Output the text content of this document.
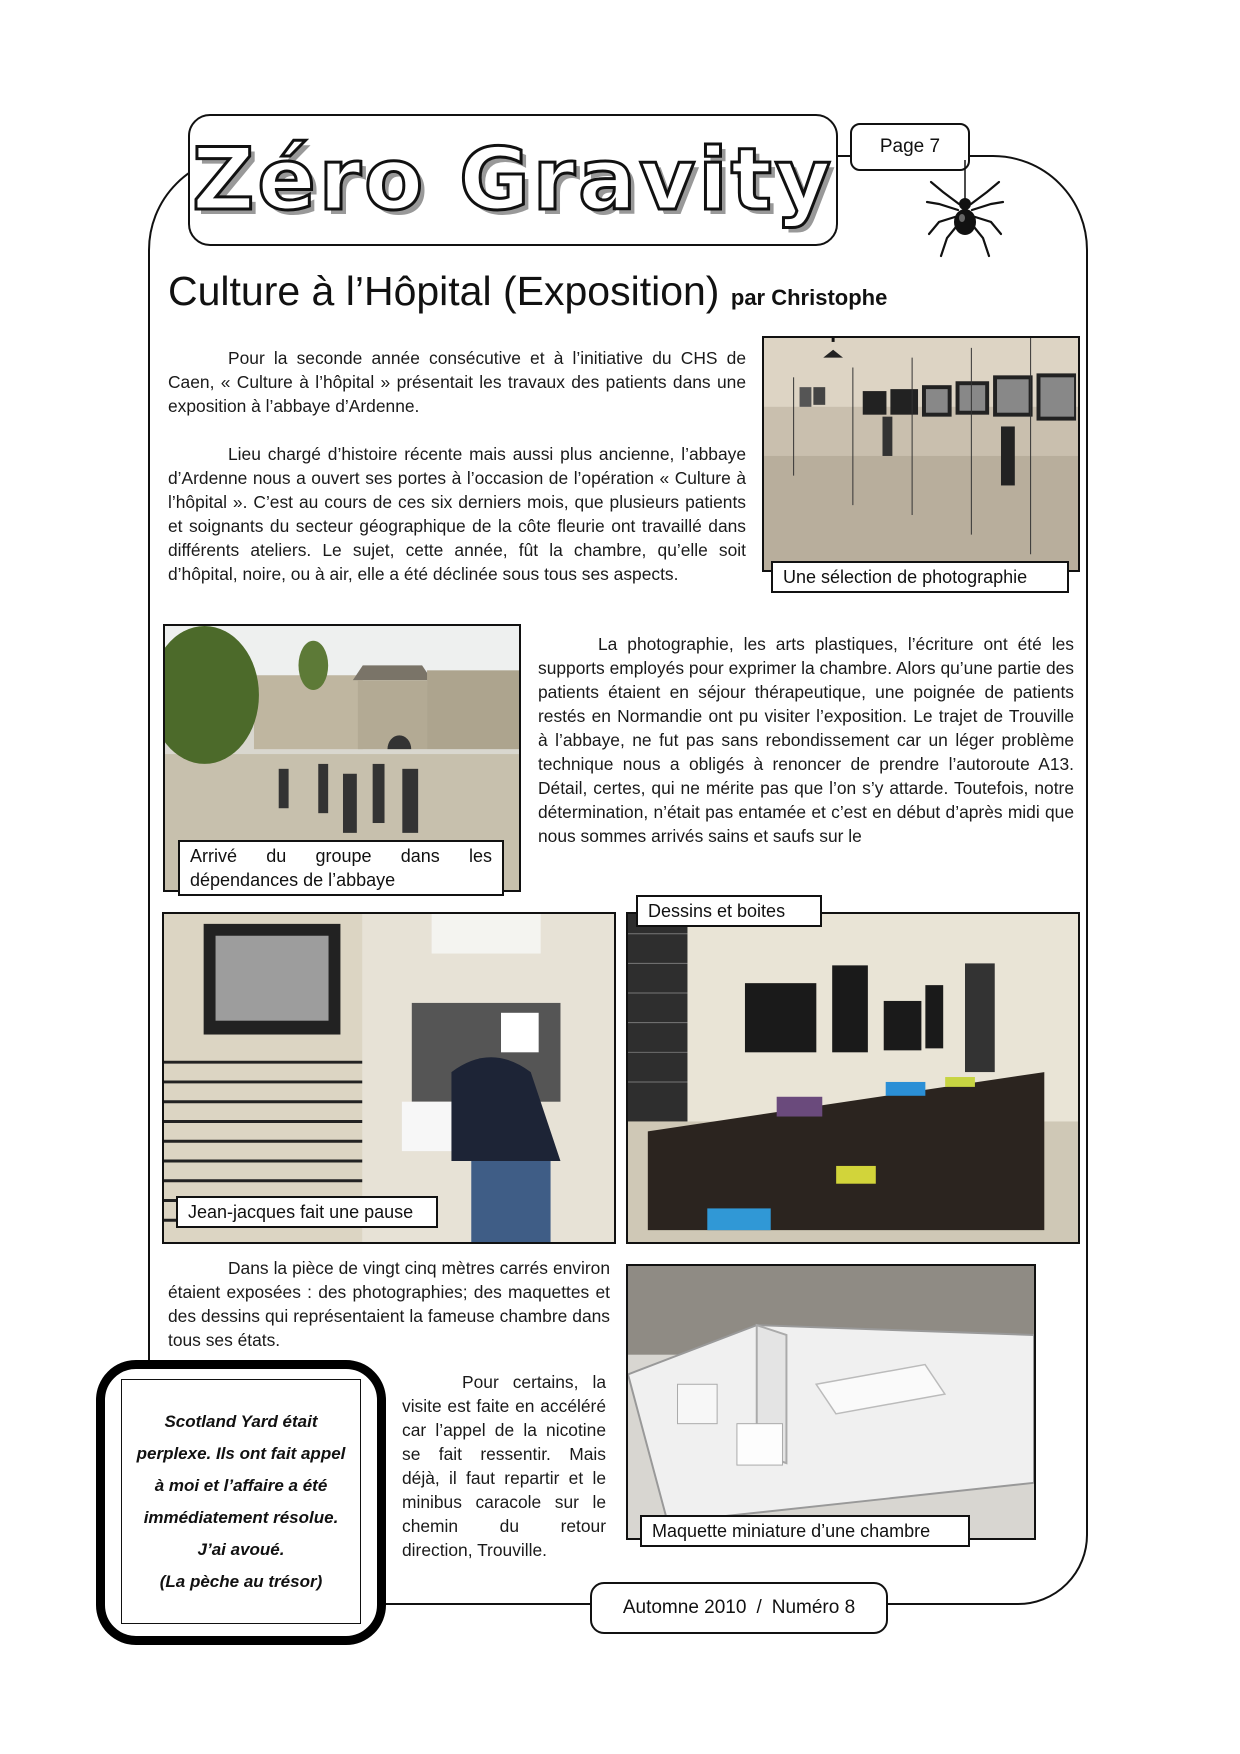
Zéro Gravity	Page 7
Culture à l’Hôpital (Exposition) par Christophe

Pour la seconde année consécutive et à l’initiative du CHS de Caen, « Culture à l’hôpital » présentait les travaux des patients dans une exposition à l’abbaye d’Ardenne.

Lieu chargé d’histoire récente mais aussi plus ancienne, l’abbaye d’Ardenne nous a ouvert ses portes à l’occasion de l’opération « Culture à l’hôpital ». C’est au cours de ces six derniers mois, que plusieurs patients et soignants du secteur géographique de la côte fleurie ont travaillé dans différents ateliers. Le sujet, cette année, fût la chambre, qu’elle soit d’hôpital, noire, ou à air, elle a été déclinée sous tous ses aspects.	Une sélection de photographie
Arrivé du groupe dans les dépendances de l’abbaye

La photographie, les arts plastiques, l’écriture ont été les supports employés pour exprimer la chambre. Alors qu’une partie des patients étaient en séjour thérapeutique, une poignée de patients restés en Normandie ont pu visiter l’exposition. Le trajet de Trouville à l’abbaye, ne fut pas sans rebondissement car un léger problème technique nous a obligés à renoncer de prendre l’autoroute A13. Détail, certes, qui ne mérite pas que l’on s’y attarde. Toutefois, notre détermination, n’était pas entamée et c’est en début d’après midi que nous sommes arrivés sains et saufs sur le

Jean-jacques fait une pause
Dessins et boites

Dans la pièce de vingt cinq mètres carrés environ étaient exposées : des photographies; des maquettes et des dessins qui représentaient la fameuse chambre dans tous ses états.

Pour certains, la visite est faite en accéléré car l’appel de la nicotine se fait ressentir. Mais déjà, il faut repartir et le minibus caracole sur le chemin du retour direction, Trouville.

Maquette miniature d’une chambre
Scotland Yard était
perplexe. Ils ont fait appel
à moi et l’affaire a été
immédiatement résolue.
J’ai avoué.
(La pèche au trésor)
Automne 2010 / Numéro 8
